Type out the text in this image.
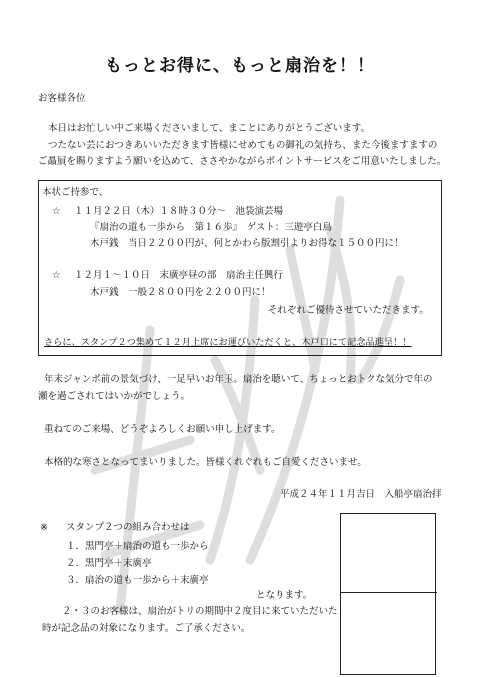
もっとお得に、もっと扇治を！！
お客様各位
本日はお忙しい中ご来場くださいまして、まことにありがとうございます。
つたない芸におつきあいいただきます皆様にせめてもの御礼の気持ち、また今後ますますの
ご贔屓を賜りますよう願いを込めて、ささやかながらポイントサービスをご用意いたしました。
本状ご持参で、
☆ １１月２２日（木）１８時３０分～　池袋演芸場
『扇治の道も一歩から　第１６歩』　ゲスト：三遊亭白鳥
木戸銭　当日２２００円が、何とかわら版割引よりお得な１５００円に！
☆ １２月１～１０日　末廣亭昼の部　扇治主任興行
木戸銭　一般２８００円を２２００円に！
それぞれご優待させていただきます。
さらに、スタンプ２つ集めて１２月上席にお運びいただくと、木戸口にて記念品進呈！！
年末ジャンボ前の景気づけ、一足早いお年玉。扇治を聴いて、ちょっとおトクな気分で年の
瀬を過ごされてはいかがでしょう。
重ねてのご来場、どうぞよろしくお願い申し上げます。
本格的な寒さとなってまいりました。皆様くれぐれもご自愛くださいませ。
平成２４年１１月吉日　入船亭扇治拝
※ スタンプ２つの組み合わせは
１．黒門亭＋扇治の道も一歩から
２．黒門亭＋末廣亭
３．扇治の道も一歩から＋末廣亭
となります。
２・３のお客様は、扇治がトリの期間中２度目に来ていただいた
時が記念品の対象になります。ご了承ください。
